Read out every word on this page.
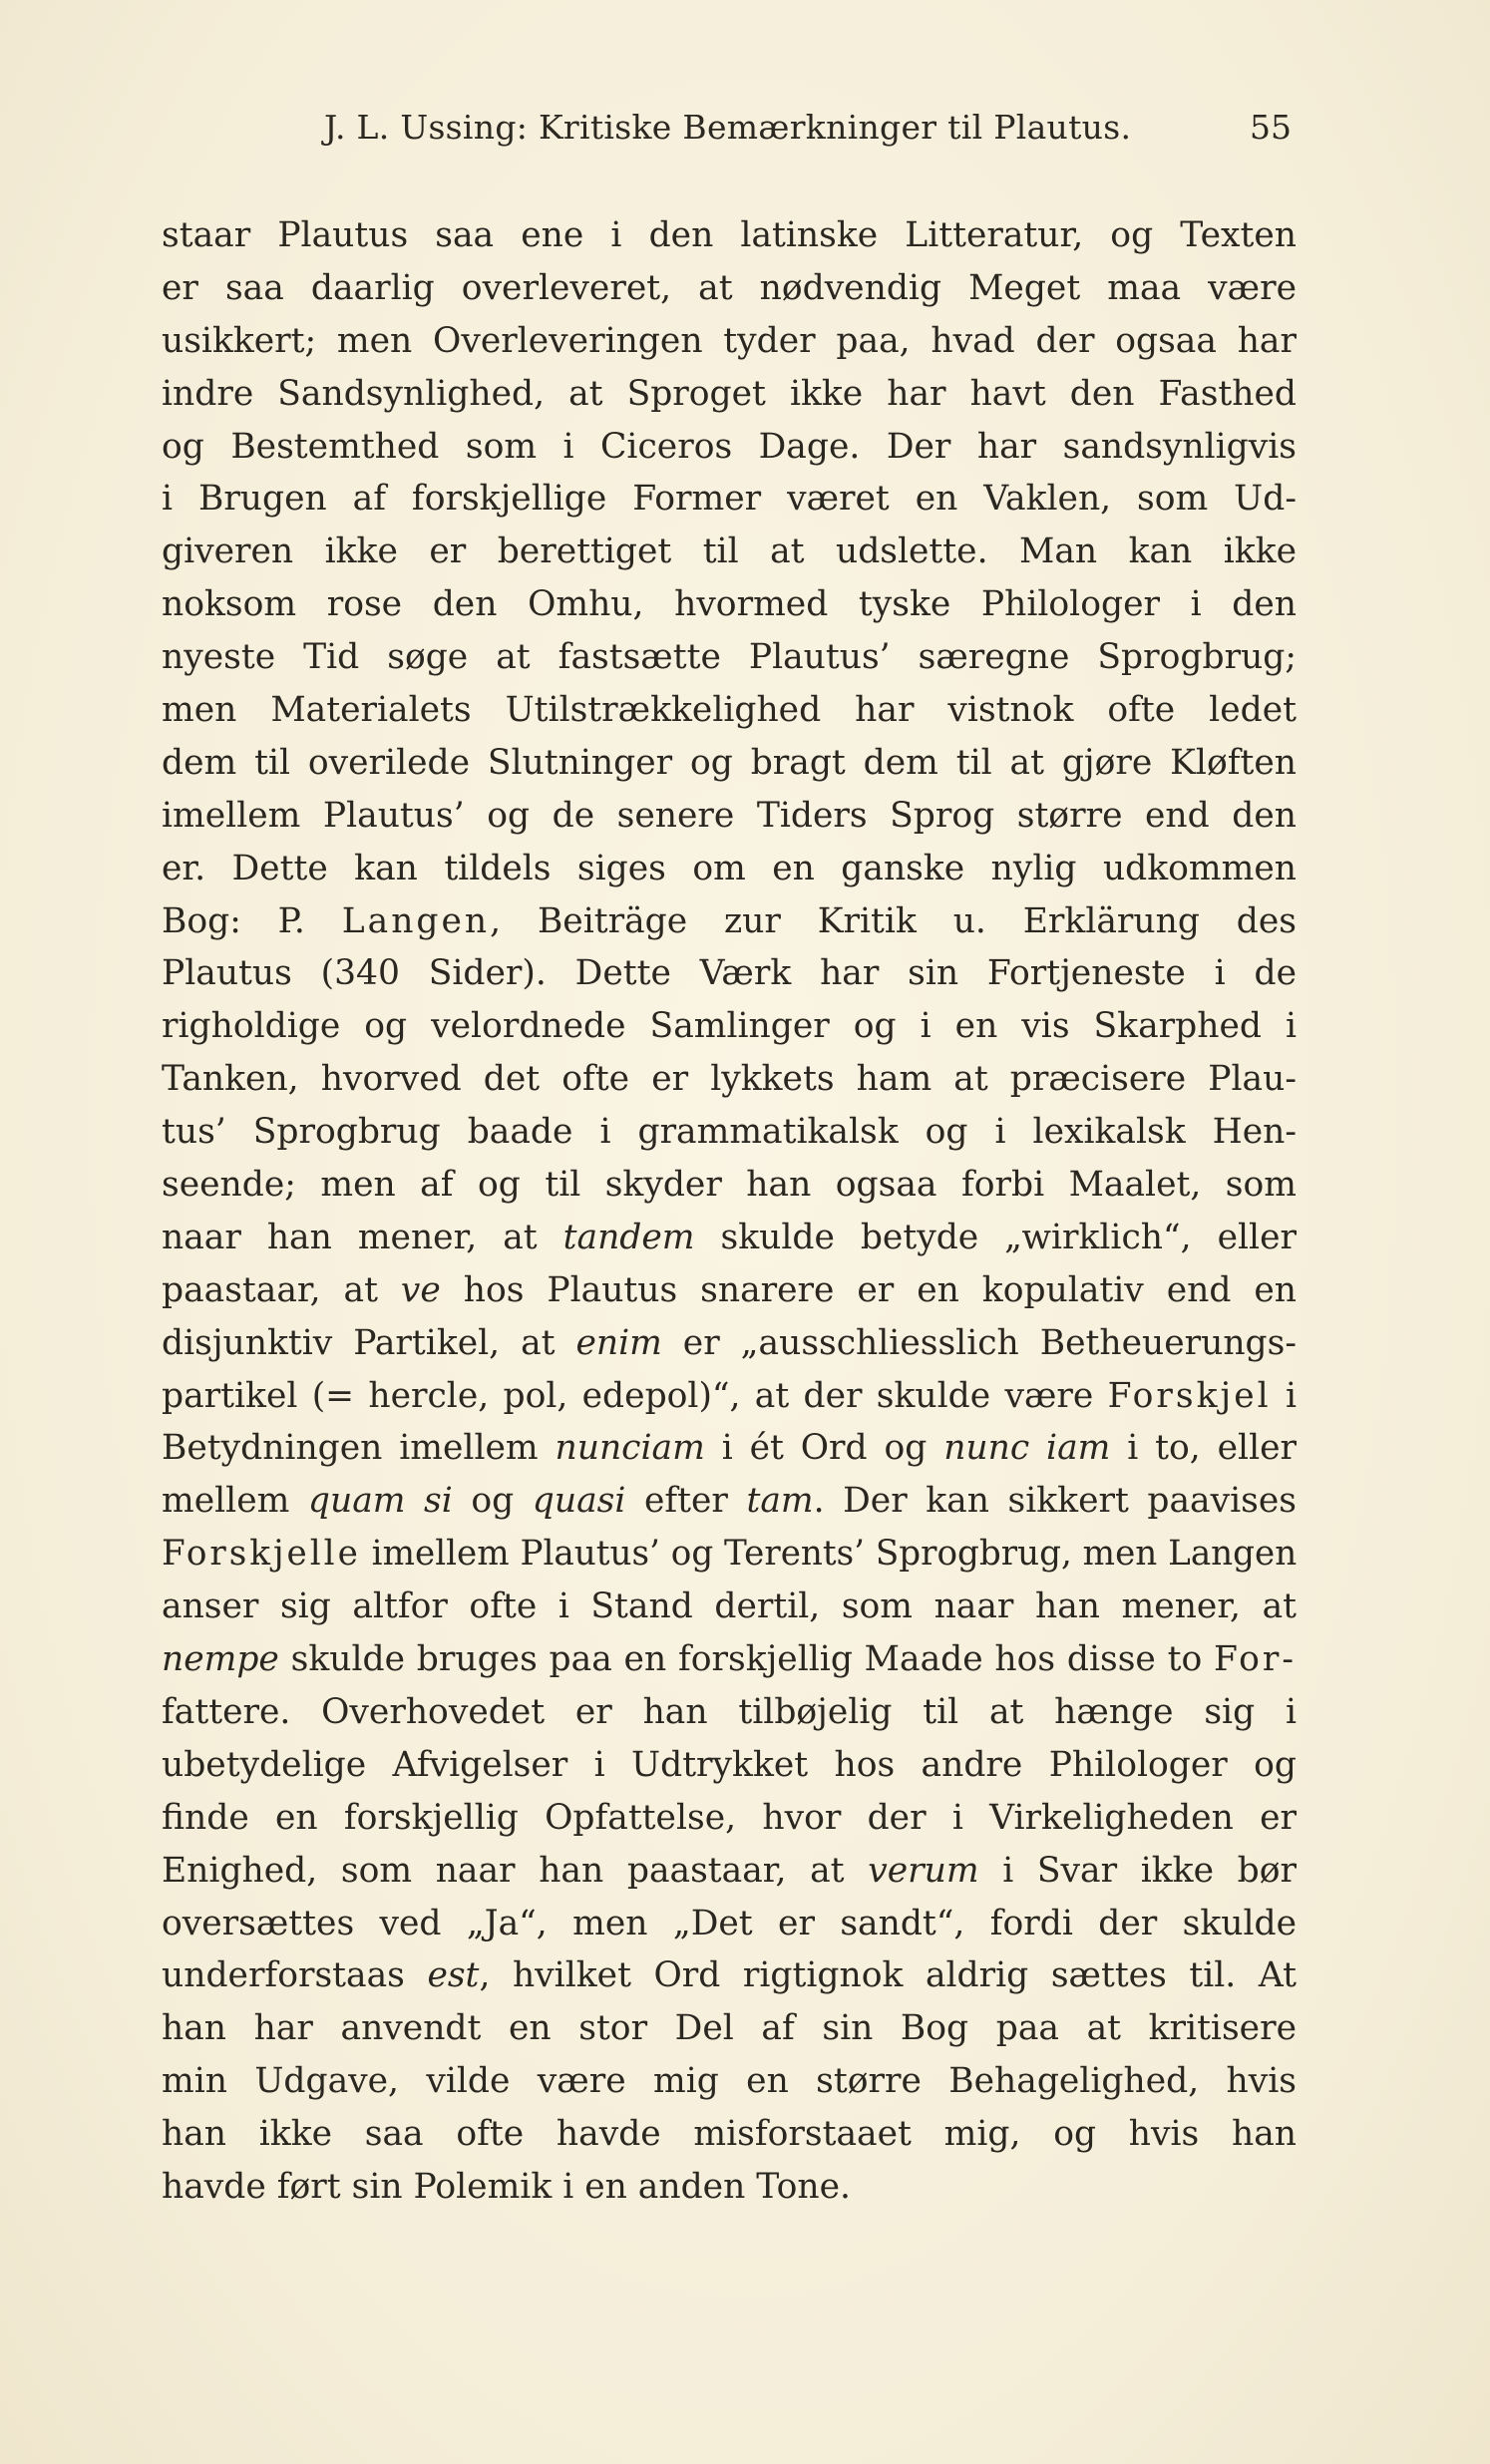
J. L. Ussing: Kritiske Bemærkninger til Plautus.	55
staar Plautus saa ene i den latinske Litteratur, og Texten
er saa daarlig overleveret, at nødvendig Meget maa være
usikkert; men Overleveringen tyder paa, hvad der ogsaa har
indre Sandsynlighed, at Sproget ikke har havt den Fasthed
og Bestemthed som i Ciceros Dage. Der har sandsynligvis
i Brugen af forskjellige Former været en Vaklen, som Ud-
giveren ikke er berettiget til at udslette. Man kan ikke
noksom rose den Omhu, hvormed tyske Philologer i den
nyeste Tid søge at fastsætte Plautus’ særegne Sprogbrug;
men Materialets Utilstrækkelighed har vistnok ofte ledet
dem til overilede Slutninger og bragt dem til at gjøre Kløften
imellem Plautus’ og de senere Tiders Sprog større end den
er. Dette kan tildels siges om en ganske nylig udkommen
Bog: P. Langen, Beiträge zur Kritik u. Erklärung des
Plautus (340 Sider). Dette Værk har sin Fortjeneste i de
righoldige og velordnede Samlinger og i en vis Skarphed i
Tanken, hvorved det ofte er lykkets ham at præcisere Plau-
tus’ Sprogbrug baade i grammatikalsk og i lexikalsk Hen-
seende; men af og til skyder han ogsaa forbi Maalet, som
naar han mener, at tandem skulde betyde „wirklich“, eller
paastaar, at ve hos Plautus snarere er en kopulativ end en
disjunktiv Partikel, at enim er „ausschliesslich Betheuerungs-
partikel (= hercle, pol, edepol)“, at der skulde være Forskjel i
Betydningen imellem nunciam i ét Ord og nunc iam i to, eller
mellem quam si og quasi efter tam. Der kan sikkert paavises
Forskjelle imellem Plautus’ og Terents’ Sprogbrug, men Langen
anser sig altfor ofte i Stand dertil, som naar han mener, at
nempe skulde bruges paa en forskjellig Maade hos disse to For-
fattere. Overhovedet er han tilbøjelig til at hænge sig i
ubetydelige Afvigelser i Udtrykket hos andre Philologer og
finde en forskjellig Opfattelse, hvor der i Virkeligheden er
Enighed, som naar han paastaar, at verum i Svar ikke bør
oversættes ved „Ja“, men „Det er sandt“, fordi der skulde
underforstaas est, hvilket Ord rigtignok aldrig sættes til. At
han har anvendt en stor Del af sin Bog paa at kritisere
min Udgave, vilde være mig en større Behagelighed, hvis
han ikke saa ofte havde misforstaaet mig, og hvis han
havde ført sin Polemik i en anden Tone.
